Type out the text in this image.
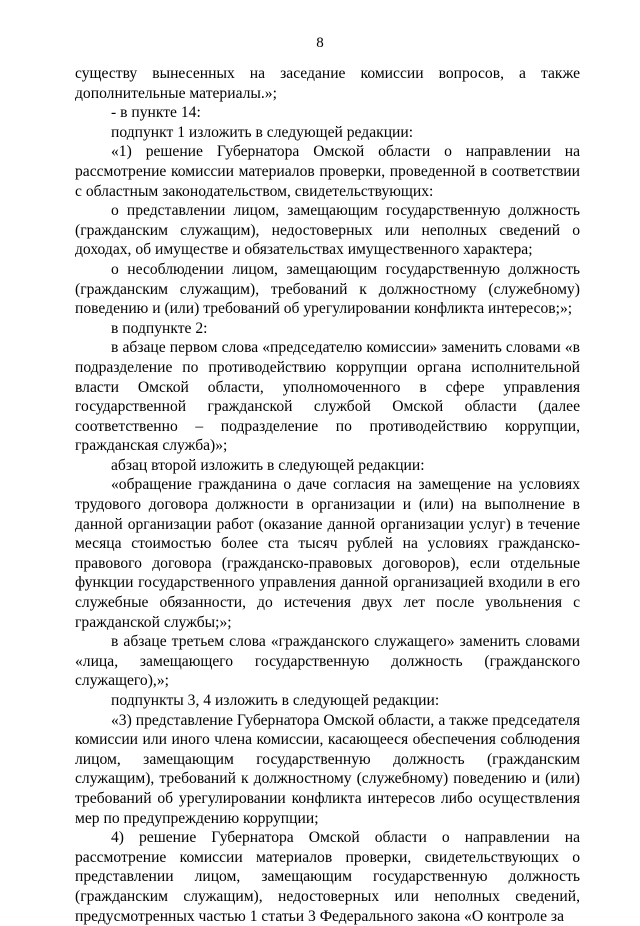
8

существу вынесенных на заседание комиссии вопросов, а также дополнительные материалы.»;

- в пункте 14:

подпункт 1 изложить в следующей редакции:

«1) решение Губернатора Омской области о направлении на рассмотрение комиссии материалов проверки, проведенной в соответствии с областным законодательством, свидетельствующих:

о представлении лицом, замещающим государственную должность (гражданским служащим), недостоверных или неполных сведений о доходах, об имуществе и обязательствах имущественного характера;

о несоблюдении лицом, замещающим государственную должность (гражданским служащим), требований к должностному (служебному) поведению и (или) требований об урегулировании конфликта интересов;»;

в подпункте 2:

в абзаце первом слова «председателю комиссии» заменить словами «в подразделение по противодействию коррупции органа исполнительной власти Омской области, уполномоченного в сфере управления государственной гражданской службой Омской области (далее соответственно – подразделение по противодействию коррупции, гражданская служба)»;

абзац второй изложить в следующей редакции:

«обращение гражданина о даче согласия на замещение на условиях трудового договора должности в организации и (или) на выполнение в данной организации работ (оказание данной организации услуг) в течение месяца стоимостью более ста тысяч рублей на условиях гражданско-правового договора (гражданско-правовых договоров), если отдельные функции государственного управления данной организацией входили в его служебные обязанности, до истечения двух лет после увольнения с гражданской службы;»;

в абзаце третьем слова «гражданского служащего» заменить словами «лица, замещающего государственную должность (гражданского служащего),»;

подпункты 3, 4 изложить в следующей редакции:

«3) представление Губернатора Омской области, а также председателя комиссии или иного члена комиссии, касающееся обеспечения соблюдения лицом, замещающим государственную должность (гражданским служащим), требований к должностному (служебному) поведению и (или) требований об урегулировании конфликта интересов либо осуществления мер по предупреждению коррупции;

4) решение Губернатора Омской области о направлении на рассмотрение комиссии материалов проверки, свидетельствующих о представлении лицом, замещающим государственную должность (гражданским служащим), недостоверных или неполных сведений, предусмотренных частью 1 статьи 3 Федерального закона «О контроле за
